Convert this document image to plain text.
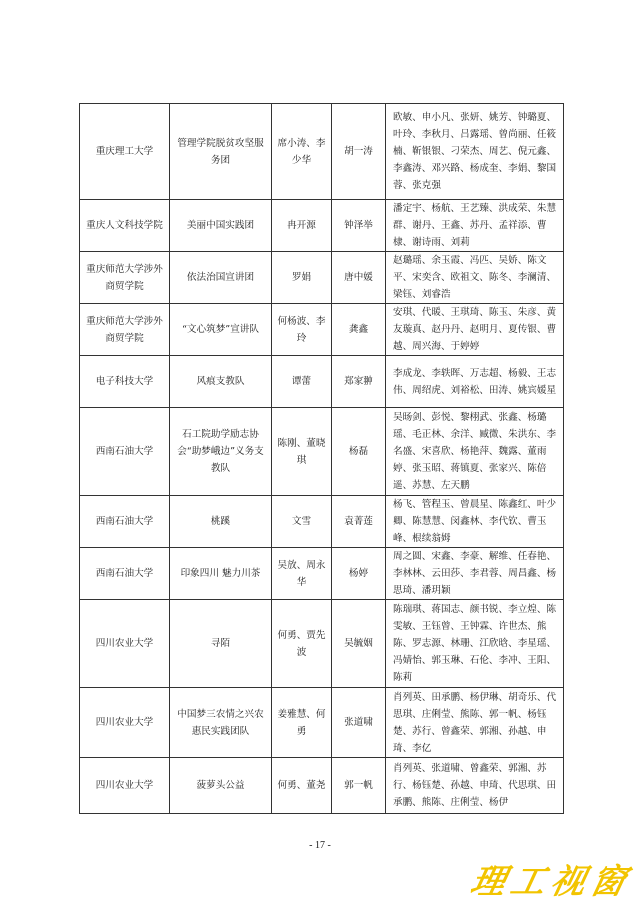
重庆理工大学	管理学院脱贫攻坚服务团	席小涛、李少华	胡一涛	欧敏、申小凡、张妍、姚芳、钟璐夏、叶玲、李秋月、吕露瑶、曾尚丽、任筱楠、靳银银、刁荣杰、周艺、倪元鑫、李鑫涛、邓兴路、杨成奎、李娟、黎国蓉、张克强
重庆人文科技学院	美丽中国实践团	冉开源	钟泽举	潘定宇、杨航、王艺臻、洪成荣、朱慧群、谢丹、王鑫、苏丹、孟祥添、曹棣、谢诗雨、刘莉
重庆师范大学涉外商贸学院	依法治国宣讲团	罗娟	唐中媛	赵璐瑶、余玉霞、冯匹、吴娇、陈文平、宋奕含、欧祖文、陈冬、李澜清、梁钰、刘睿浩
重庆师范大学涉外商贸学院	“文心筑梦”宣讲队	何杨波、李玲	龚鑫	安琪、代暖、王琪琦、陈玉、朱彦、黄友璇真、赵丹丹、赵明月、夏传银、曹越、周兴海、于婷婷
电子科技大学	风痕支教队	谭蕾	郑家翀	李成龙、李轶晖、万志超、杨毅、王志伟、周绍虎、刘裕松、田涛、姚宾媛星
西南石油大学	石工院助学励志协会“助梦峨边”义务支教队	陈刚、董晓琪	杨磊	吴旸剑、彭悦、黎栩武、张鑫、杨璐瑶、毛正林、余洋、臧微、朱洪东、李名盛、宋喜欣、杨艳萍、魏露、董雨婷、张玉昭、蒋镇夏、张家兴、陈倍遥、苏慧、左天鹏
西南石油大学	桃蹊	文雪	袁菁莲	杨飞、管程玉、曾晨星、陈鑫红、叶少卿、陈慧慧、闵鑫林、李代钦、曹玉峰、根续翁姆
西南石油大学	印象四川 魅力川茶	吴放、周永华	杨婷	周之圆、宋鑫、李豪、解维、任春艳、李林林、云田莎、李君蓉、周昌鑫、杨思琦、潘玥颖
四川农业大学	寻陌	何勇、贾先波	吴毓姻	陈瑞琪、蒋国志、颜书锐、李立煌、陈雯敏、王钰曾、王钟霖、许世杰、熊陈、罗志源、林珊、江欣晗、李星瑶、冯婧怡、郭玉琳、石伦、李冲、王阳、陈莉
四川农业大学	中国梦三农情之兴农惠民实践团队	姜雅慧、何勇	张道啸	肖列英、田承鹏、杨伊琳、胡奇乐、代思琪、庄俐莹、熊陈、郭一帆、杨钰楚、苏行、曾鑫荣、郭湘、孙越、申琦、李亿
四川农业大学	菠萝头公益	何勇、董尧	郭一帆	肖列英、张道啸、曾鑫荣、郭湘、苏行、杨钰楚、孙越、申琦、代思琪、田承鹏、熊陈、庄俐莹、杨伊
- 17 -
理工视窗
